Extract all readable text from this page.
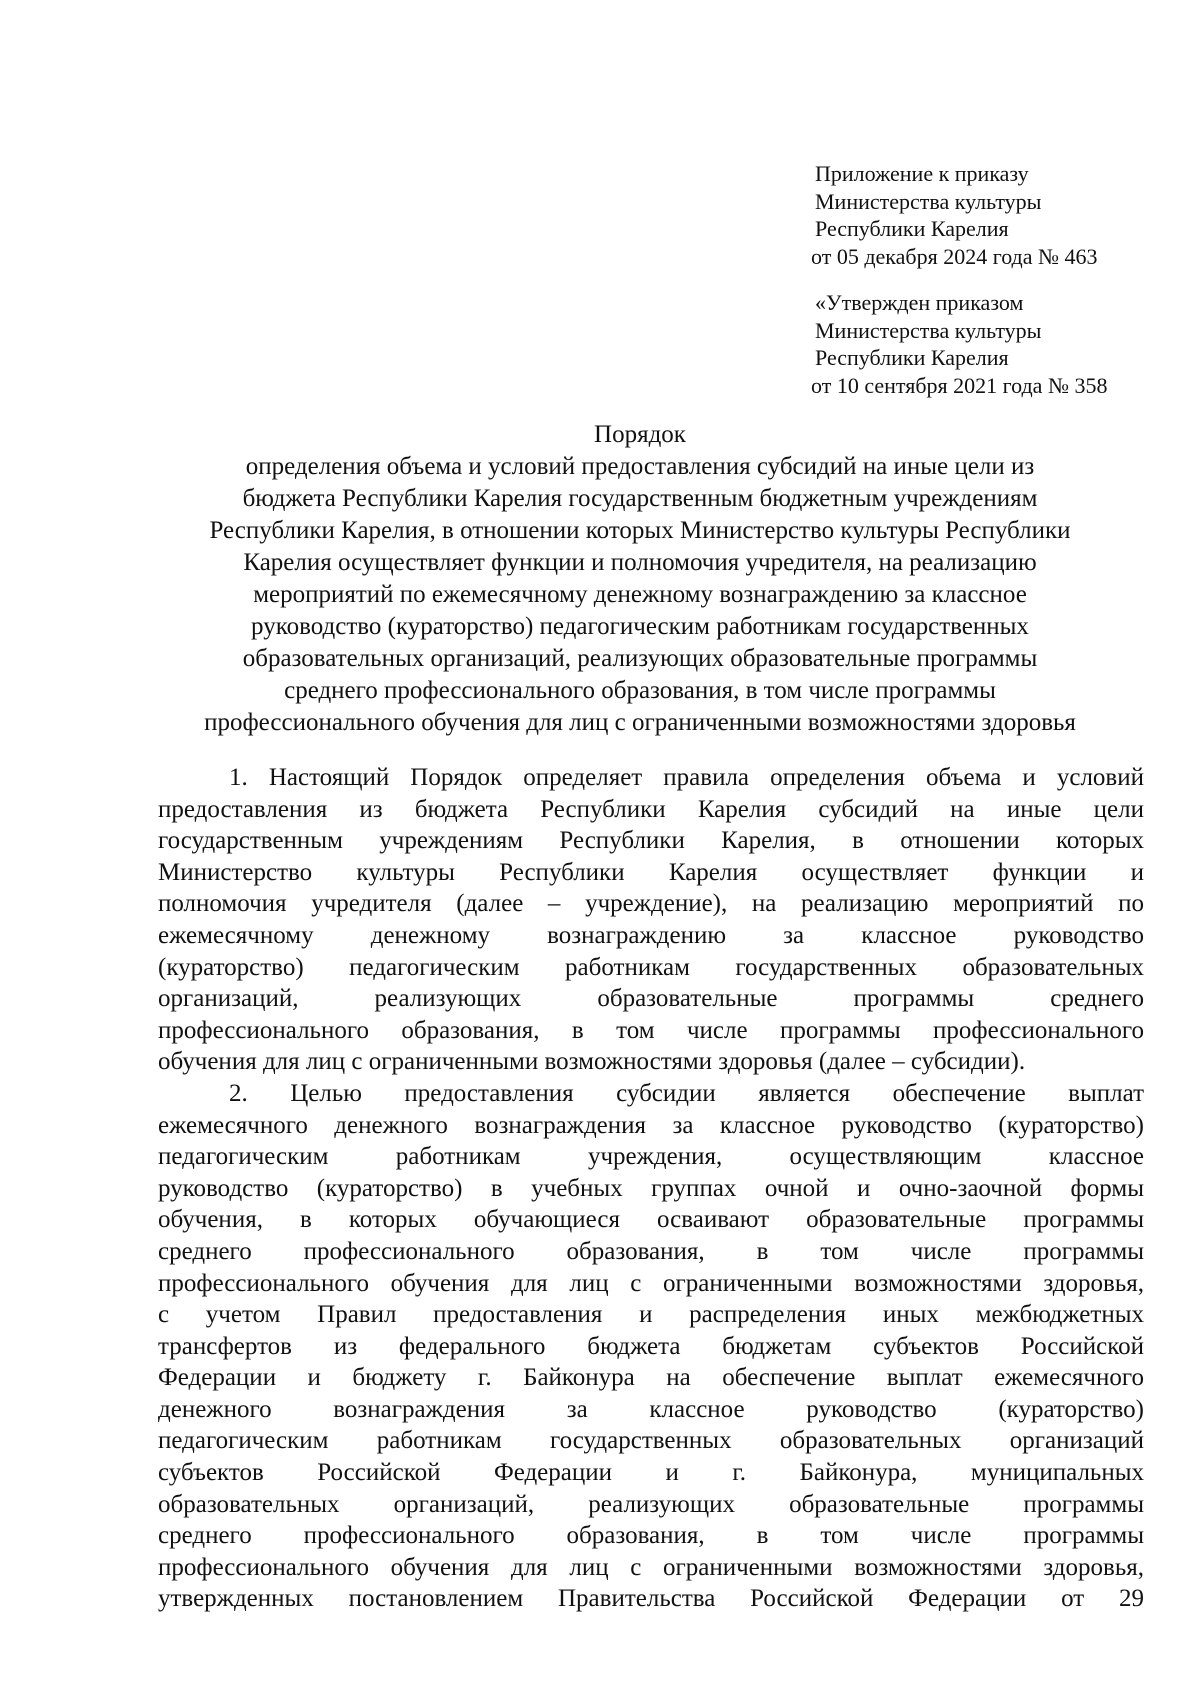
Приложение к приказу
Министерства культуры
Республики Карелия
от 05 декабря 2024 года № 463
«Утвержден приказом
Министерства культуры
Республики Карелия
от 10 сентября 2021 года № 358
Порядок
определения объема и условий предоставления субсидий на иные цели из
бюджета Республики Карелия государственным бюджетным учреждениям
Республики Карелия, в отношении которых Министерство культуры Республики
Карелия осуществляет функции и полномочия учредителя, на реализацию
мероприятий по ежемесячному денежному вознаграждению за классное
руководство (кураторство) педагогическим работникам государственных
образовательных организаций, реализующих образовательные программы
среднего профессионального образования, в том числе программы
профессионального обучения для лиц с ограниченными возможностями здоровья
1. Настоящий Порядок определяет правила определения объема и условий
предоставления из бюджета Республики Карелия субсидий на иные цели
государственным учреждениям Республики Карелия, в отношении которых
Министерство культуры Республики Карелия осуществляет функции и
полномочия учредителя (далее – учреждение), на реализацию мероприятий по
ежемесячному денежному вознаграждению за классное руководство
(кураторство) педагогическим работникам государственных образовательных
организаций, реализующих образовательные программы среднего
профессионального образования, в том числе программы профессионального
обучения для лиц с ограниченными возможностями здоровья (далее – субсидии).
2. Целью предоставления субсидии является обеспечение выплат
ежемесячного денежного вознаграждения за классное руководство (кураторство)
педагогическим работникам учреждения, осуществляющим классное
руководство (кураторство) в учебных группах очной и очно-заочной формы
обучения, в которых обучающиеся осваивают образовательные программы
среднего профессионального образования, в том числе программы
профессионального обучения для лиц с ограниченными возможностями здоровья,
с учетом Правил предоставления и распределения иных межбюджетных
трансфертов из федерального бюджета бюджетам субъектов Российской
Федерации и бюджету г. Байконура на обеспечение выплат ежемесячного
денежного вознаграждения за классное руководство (кураторство)
педагогическим работникам государственных образовательных организаций
субъектов Российской Федерации и г. Байконура, муниципальных
образовательных организаций, реализующих образовательные программы
среднего профессионального образования, в том числе программы
профессионального обучения для лиц с ограниченными возможностями здоровья,
утвержденных постановлением Правительства Российской Федерации от 29
